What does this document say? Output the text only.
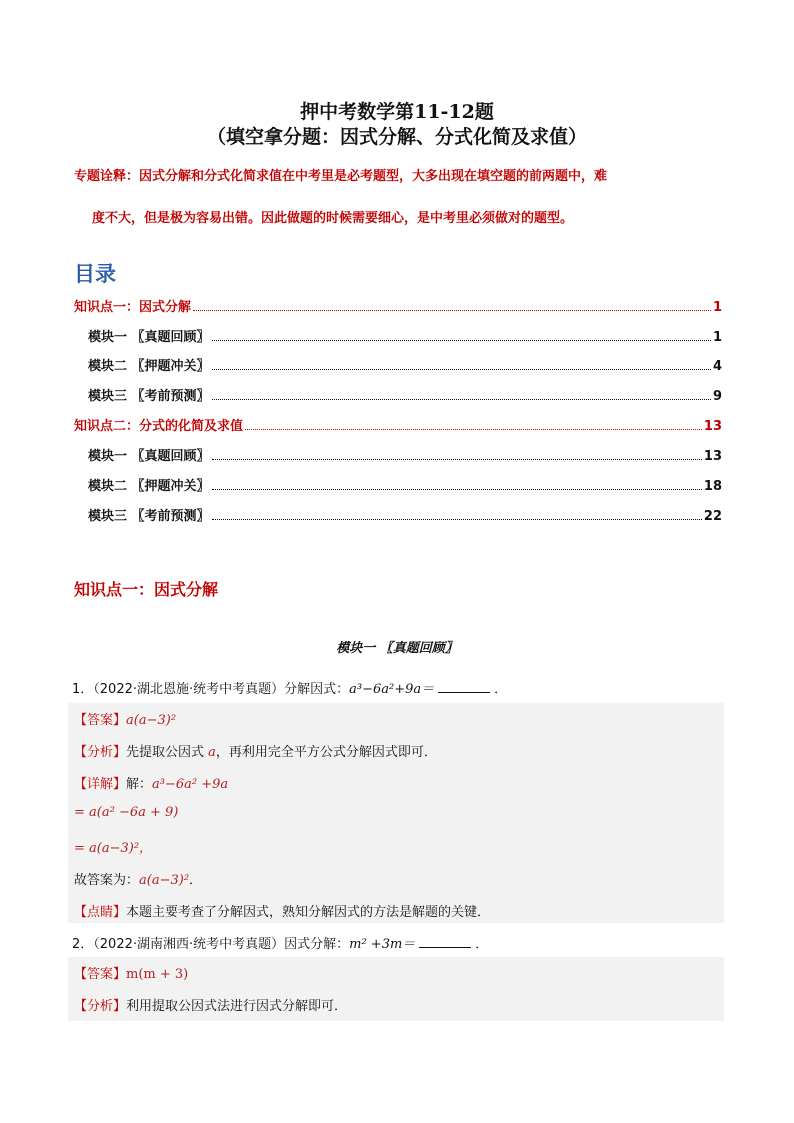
押中考数学第11-12题
（填空拿分题：因式分解、分式化简及求值）
专题诠释：因式分解和分式化简求值在中考里是必考题型，大多出现在填空题的前两题中，难
度不大，但是极为容易出错。因此做题的时候需要细心，是中考里必须做对的题型。
目录
知识点一：因式分解	1
模块一 〖真题回顾〗	1
模块二 〖押题冲关〗	4
模块三 〖考前预测〗	9
知识点二：分式的化简及求值	13
模块一 〖真题回顾〗	13
模块二 〖押题冲关〗	18
模块三 〖考前预测〗	22
知识点一：因式分解
模块一 〖真题回顾〗
1．（2022·湖北恩施·统考中考真题）分解因式：a³−6a²+9a＝	．
【答案】a(a−3)²
【分析】先提取公因式 a，再利用完全平方公式分解因式即可．
【详解】解：a³−6a² +9a
= a(a² −6a + 9)
= a(a−3)²，
故答案为：a(a−3)²．
【点睛】本题主要考查了分解因式，熟知分解因式的方法是解题的关键．
2．（2022·湖南湘西·统考中考真题）因式分解：m² +3m＝	．
【答案】m(m + 3)
【分析】利用提取公因式法进行因式分解即可．
